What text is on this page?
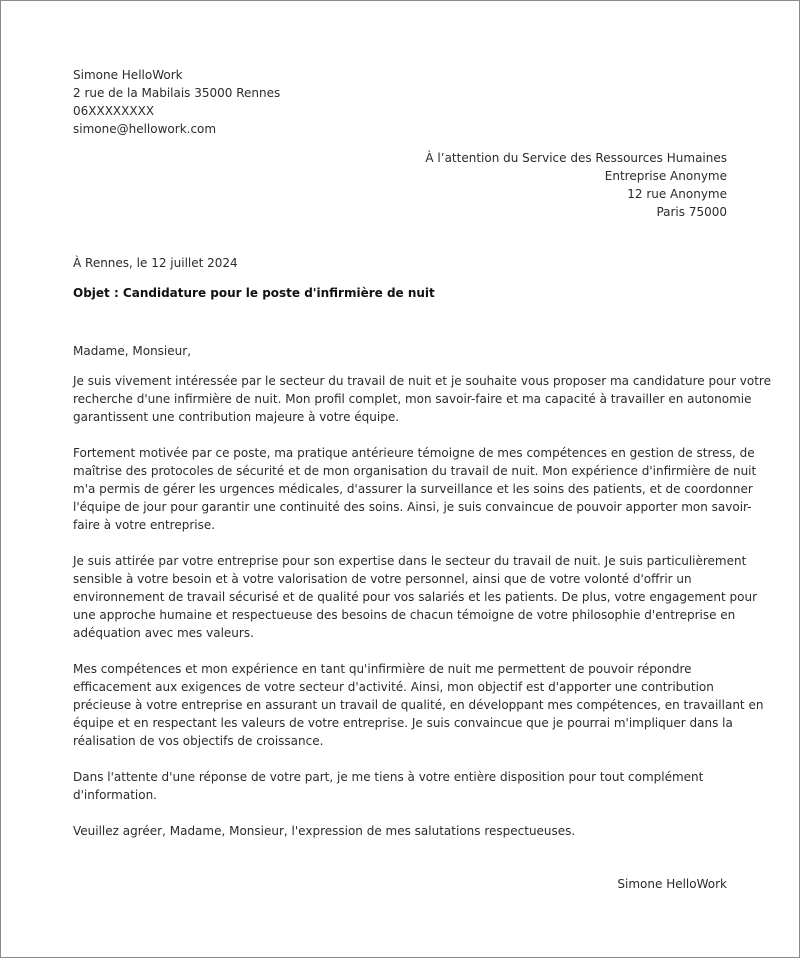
Simone HelloWork
2 rue de la Mabilais 35000 Rennes
06XXXXXXXX
simone@hellowork.com
À l’attention du Service des Ressources Humaines
Entreprise Anonyme
12 rue Anonyme
Paris 75000
À Rennes, le 12 juillet 2024
Objet : Candidature pour le poste d'infirmière de nuit
Madame, Monsieur,
Je suis vivement intéressée par le secteur du travail de nuit et je souhaite vous proposer ma candidature pour votre
recherche d'une infirmière de nuit. Mon profil complet, mon savoir-faire et ma capacité à travailler en autonomie
garantissent une contribution majeure à votre équipe.
Fortement motivée par ce poste, ma pratique antérieure témoigne de mes compétences en gestion de stress, de
maîtrise des protocoles de sécurité et de mon organisation du travail de nuit. Mon expérience d'infirmière de nuit
m'a permis de gérer les urgences médicales, d'assurer la surveillance et les soins des patients, et de coordonner
l'équipe de jour pour garantir une continuité des soins. Ainsi, je suis convaincue de pouvoir apporter mon savoir-
faire à votre entreprise.
Je suis attirée par votre entreprise pour son expertise dans le secteur du travail de nuit. Je suis particulièrement
sensible à votre besoin et à votre valorisation de votre personnel, ainsi que de votre volonté d'offrir un
environnement de travail sécurisé et de qualité pour vos salariés et les patients. De plus, votre engagement pour
une approche humaine et respectueuse des besoins de chacun témoigne de votre philosophie d'entreprise en
adéquation avec mes valeurs.
Mes compétences et mon expérience en tant qu'infirmière de nuit me permettent de pouvoir répondre
efficacement aux exigences de votre secteur d'activité. Ainsi, mon objectif est d'apporter une contribution
précieuse à votre entreprise en assurant un travail de qualité, en développant mes compétences, en travaillant en
équipe et en respectant les valeurs de votre entreprise. Je suis convaincue que je pourrai m'impliquer dans la
réalisation de vos objectifs de croissance.
Dans l'attente d'une réponse de votre part, je me tiens à votre entière disposition pour tout complément
d'information.
Veuillez agréer, Madame, Monsieur, l'expression de mes salutations respectueuses.
Simone HelloWork
